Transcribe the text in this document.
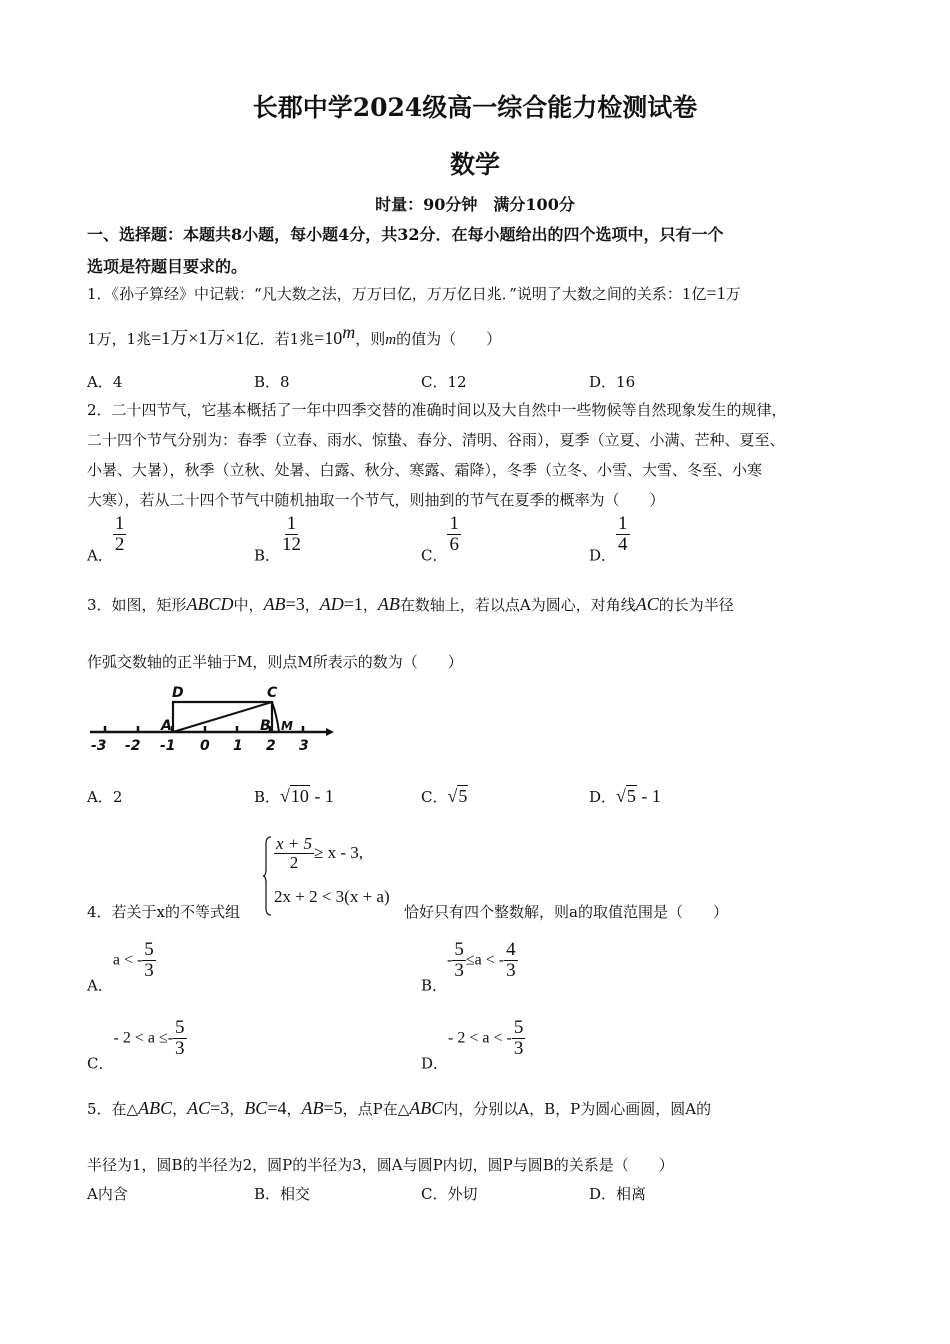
长郡中学2024级高一综合能力检测试卷
数学
时量：90分钟　满分100分
一、选择题：本题共8小题，每小题4分，共32分．在每小题给出的四个选项中，只有一个
选项是符题目要求的。
1．《孙子算经》中记载：“凡大数之法，万万曰亿，万万亿日兆．”说明了大数之间的关系：1亿=1万
1万，1兆=1万×1万×1亿．若1兆$=10^m$，则m的值为（　　）
A．4	B．8	C．12	D．16
2．二十四节气，它基本概括了一年中四季交替的准确时间以及大自然中一些物候等自然现象发生的规律，
二十四个节气分别为：春季（立春、雨水、惊蛰、春分、清明、谷雨），夏季（立夏、小满、芒种、夏至、
小暑、大暑），秋季（立秋、处暑、白露、秋分、寒露、霜降），冬季（立冬、小雪、大雪、冬至、小寒
大寒），若从二十四个节气中随机抽取一个节气，则抽到的节气在夏季的概率为（　　）
A．
$\frac{1}{2}$
B．
$\frac{1}{12}$
C．
$\frac{1}{6}$
D．
$\frac{1}{4}$
3．如图，矩形ABCD中，AB=3，AD=1，AB在数轴上，若以点A为圆心，对角线AC的长为半径
作弧交数轴的正半轴于M，则点M所表示的数为（　　）
-3 -2 -1 0 1 2 3
A	B
C
D
M
A．2	B．√10 - 1	C．√5	D．√5 - 1
4．若关于x的不等式组
$\frac{x + 5}{2} \ge x - 3$,
2x + 2 < 3(x + a)
恰好只有四个整数解，则a的取值范围是（　　）
A．a < - $\frac{5}{3}$
B．- $\frac{5}{3} \le a$ < - $\frac{4}{3}$
C．- $2 < a \le- \frac{5}{3}$
D．- 2 < a < - $\frac{5}{3}$
5．在△ABC，AC=3，BC=4，AB=5，点P在△ABC内，分别以A，B，P为圆心画圆，圆A的
半径为1，圆B的半径为2，圆P的半径为3，圆A与圆P内切，圆P与圆B的关系是（　　）
A内含	B．相交	C．外切	D．相离
